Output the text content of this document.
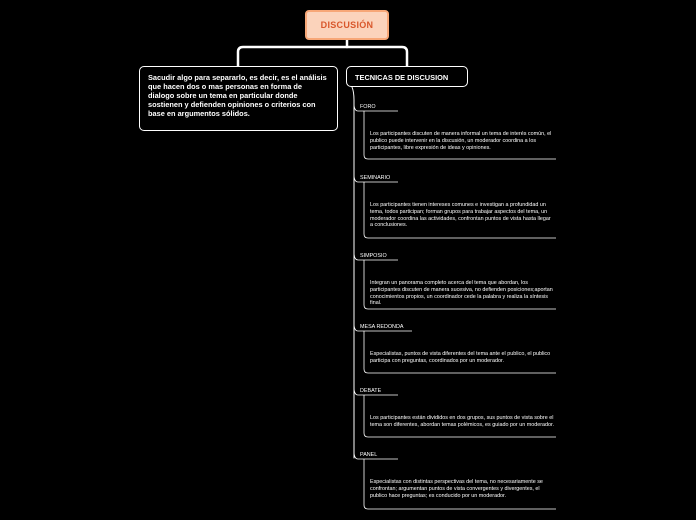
DISCUSIÓN
Sacudir algo para separarlo, es decir, es el análisis que hacen dos o mas personas en forma de dialogo sobre un tema en particular donde sostienen y defienden opiniones o criterios con base en argumentos sólidos.
TECNICAS DE DISCUSION
FORO
Los participantes discuten de manera informal un tema de interés común, el publico puede intervenir en la discusión, un moderador coordina a los participantes, libre expresión de ideas y opiniones.
SEMINARIO
Los participantes tienen intereses comunes e investigan a profundidad un tema, todos participan; forman grupos para trabajar aspectos del tema, un moderador coordina las actividades, confrontan puntos de vista hasta llegar a conclusiones.
SIMPOSIO
Integran un panorama completo acerca del tema que abordan, los participantes discuten de manera sucesiva, no defienden posiciones;aportan conocimientos propios, un coordinador cede la palabra y realiza la síntesis final.
MESA REDONDA
Especialistas, puntos de vista diferentes del tema ante el publico, el publico participa con preguntas, coordinados por un moderador.
DEBATE
Los participantes están divididos en dos grupos, sus puntos de vista sobre el tema son diferentes, abordan temas polémicos, es guiado por un moderador.
PANEL
Especialistas con distintas perspectivas del tema, no necesariamente se confrontan; argumentan puntos de vista convergentes y divergentes, el publico hace preguntas; es conducido por un moderador.
